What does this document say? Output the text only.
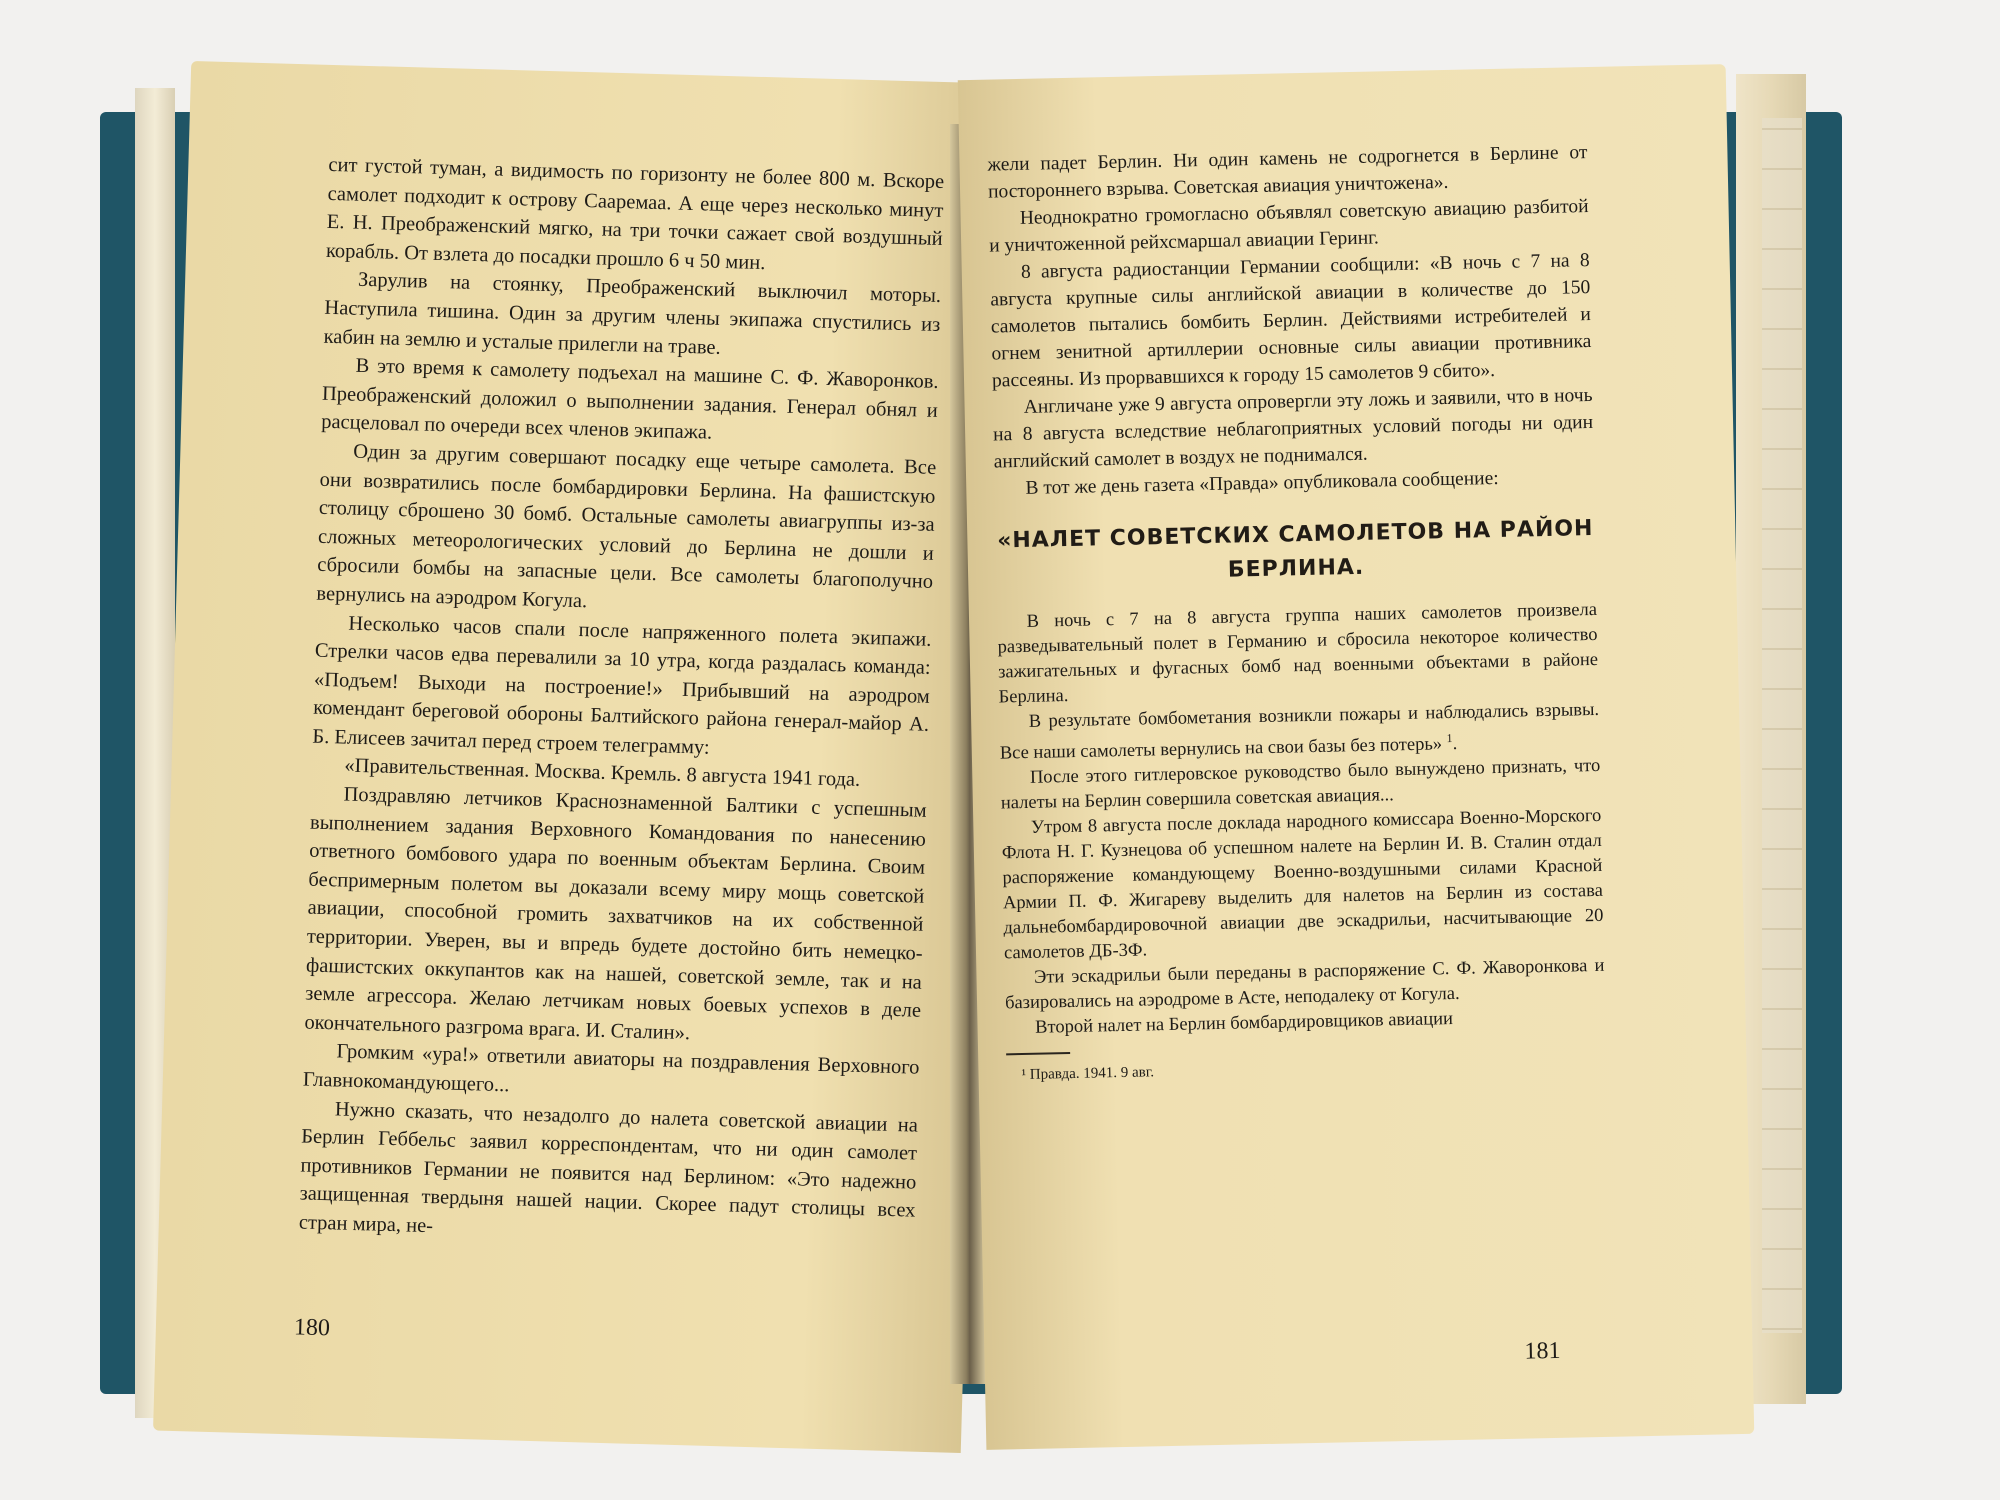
сит густой туман, а видимость по горизонту не более 800 м. Вскоре самолет подходит к острову Сааремаа. А еще через несколько минут Е. Н. Преображенский мягко, на три точки сажает свой воздушный корабль. От взлета до посадки прошло 6 ч 50 мин.

Зарулив на стоянку, Преображенский выключил моторы. Наступила тишина. Один за другим члены экипажа спустились из кабин на землю и усталые прилегли на траве.

В это время к самолету подъехал на машине С. Ф. Жаворонков. Преображенский доложил о выполнении задания. Генерал обнял и расцеловал по очереди всех членов экипажа.

Один за другим совершают посадку еще четыре самолета. Все они возвратились после бомбардировки Берлина. На фашистскую столицу сброшено 30 бомб. Остальные самолеты авиагруппы из-за сложных метеорологических условий до Берлина не дошли и сбросили бомбы на запасные цели. Все самолеты благополучно вернулись на аэродром Когула.

Несколько часов спали после напряженного полета экипажи. Стрелки часов едва перевалили за 10 утра, когда раздалась команда: «Подъем! Выходи на построение!» Прибывший на аэродром комендант береговой обороны Балтийского района генерал-майор А. Б. Елисеев зачитал перед строем телеграмму:

«Правительственная. Москва. Кремль. 8 августа 1941 года.

Поздравляю летчиков Краснознаменной Балтики с успешным выполнением задания Верховного Командования по нанесению ответного бомбового удара по военным объектам Берлина. Своим беспримерным полетом вы доказали всему миру мощь советской авиации, способной громить захватчиков на их собственной территории. Уверен, вы и впредь будете достойно бить немецко-фашистских оккупантов как на нашей, советской земле, так и на земле агрессора. Желаю летчикам новых боевых успехов в деле окончательного разгрома врага. И. Сталин».

Громким «ура!» ответили авиаторы на поздравления Верховного Главнокомандующего...

Нужно сказать, что незадолго до налета советской авиации на Берлин Геббельс заявил корреспондентам, что ни один самолет противников Германии не появится над Берлином: «Это надежно защищенная твердыня нашей нации. Скорее падут столицы всех стран мира, не-

180

жели падет Берлин. Ни один камень не содрогнется в Берлине от постороннего взрыва. Советская авиация уничтожена».

Неоднократно громогласно объявлял советскую авиацию разбитой и уничтоженной рейхсмаршал авиации Геринг.

8 августа радиостанции Германии сообщили: «В ночь с 7 на 8 августа крупные силы английской авиации в количестве до 150 самолетов пытались бомбить Берлин. Действиями истребителей и огнем зенитной артиллерии основные силы авиации противника рассеяны. Из прорвавшихся к городу 15 самолетов 9 сбито».

Англичане уже 9 августа опровергли эту ложь и заявили, что в ночь на 8 августа вследствие неблагоприятных условий погоды ни один английский самолет в воздух не поднимался.

В тот же день газета «Правда» опубликовала сообщение:

«НАЛЕТ СОВЕТСКИХ САМОЛЕТОВ НА РАЙОН БЕРЛИНА.

В ночь с 7 на 8 августа группа наших самолетов произвела разведывательный полет в Германию и сбросила некоторое количество зажигательных и фугасных бомб над военными объектами в районе Берлина.

В результате бомбометания возникли пожары и наблюдались взрывы. Все наши самолеты вернулись на свои базы без потерь» $^1$.

После этого гитлеровское руководство было вынуждено признать, что налеты на Берлин совершила советская авиация...

Утром 8 августа после доклада народного комиссара Военно-Морского Флота Н. Г. Кузнецова об успешном налете на Берлин И. В. Сталин отдал распоряжение командующему Военно-воздушными силами Красной Армии П. Ф. Жигареву выделить для налетов на Берлин из состава дальнебомбардировочной авиации две эскадрильи, насчитывающие 20 самолетов ДБ-3Ф.

Эти эскадрильи были переданы в распоряжение С. Ф. Жаворонкова и базировались на аэродроме в Асте, неподалеку от Когула.

Второй налет на Берлин бомбардировщиков авиации

¹ Правда. 1941. 9 авг.
181
